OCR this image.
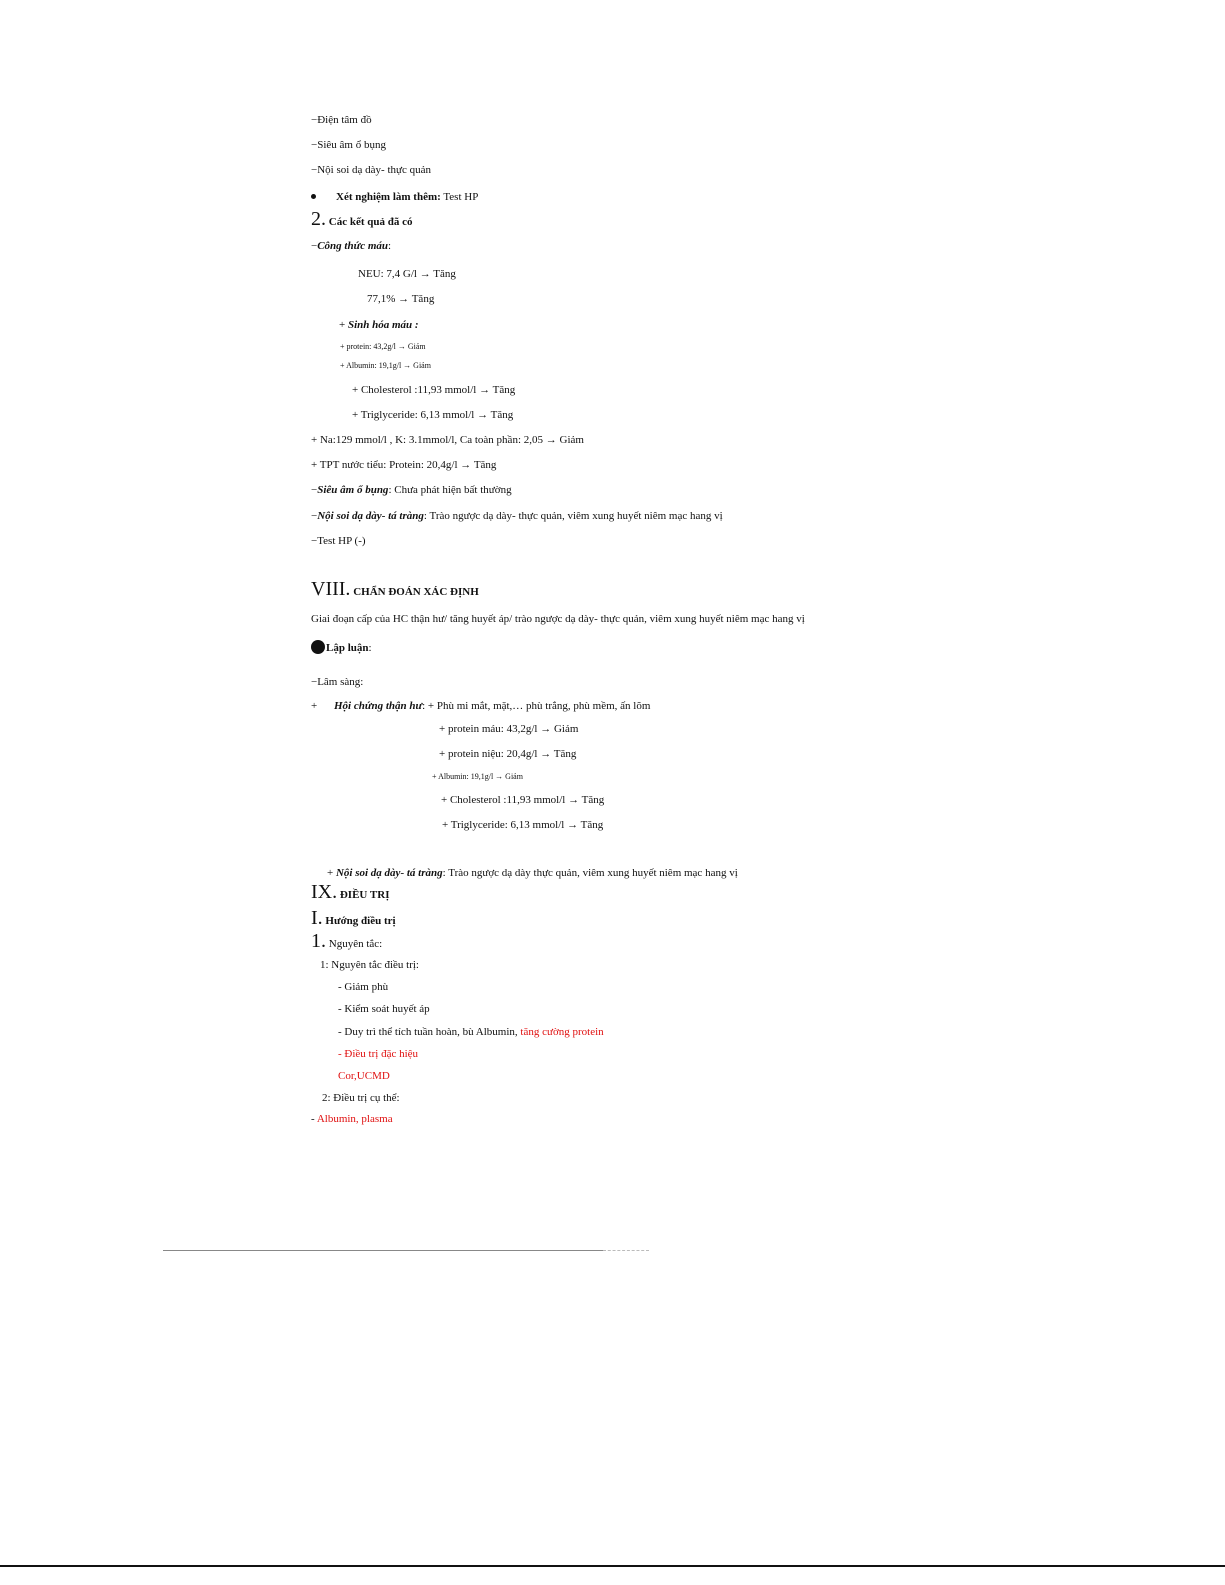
−Điện tâm đồ
−Siêu âm ổ bụng
−Nội soi dạ dày- thực quản
Xét nghiệm làm thêm: Test HP
2. Các kết quả đã có
−Công thức máu:
NEU: 7,4 G/l → Tăng
77,1% → Tăng
+ Sinh hóa máu :
+ protein: 43,2g/l → Giảm
+ Albumin: 19,1g/l → Giảm
+ Cholesterol :11,93 mmol/l → Tăng
+ Triglyceride: 6,13 mmol/l → Tăng
+ Na:129 mmol/l , K: 3.1mmol/l, Ca toàn phần: 2,05 → Giảm
+ TPT nước tiểu: Protein: 20,4g/l → Tăng
−Siêu âm ổ bụng: Chưa phát hiện bất thường
−Nội soi dạ dày- tá tràng: Trào ngược dạ dày- thực quản, viêm xung huyết niêm mạc hang vị
−Test HP (-)
VIII. CHẨN ĐOÁN XÁC ĐỊNH
Giai đoạn cấp của HC thận hư/ tăng huyết áp/ trào ngược dạ dày- thực quản, viêm xung huyết niêm mạc hang vị
Lập luận:
−Lâm sàng:
+ Hội chứng thận hư: + Phù mi mắt, mặt,… phù trắng, phù mềm, ấn lõm
+ protein máu: 43,2g/l → Giảm
+ protein niệu: 20,4g/l → Tăng
+ Albumin: 19,1g/l → Giảm
+ Cholesterol :11,93 mmol/l → Tăng
+ Triglyceride: 6,13 mmol/l → Tăng
+ Nội soi dạ dày- tá tràng: Trào ngược dạ dày thực quản, viêm xung huyết niêm mạc hang vị
IX. ĐIỀU TRỊ
I. Hướng điều trị
1. Nguyên tắc:
1: Nguyên tắc điều trị:
- Giảm phù
- Kiểm soát huyết áp
- Duy trì thể tích tuần hoàn, bù Albumin, tăng cường protein
- Điều trị đặc hiệu
Cor,UCMD
2: Điều trị cụ thể:
- Albumin, plasma
